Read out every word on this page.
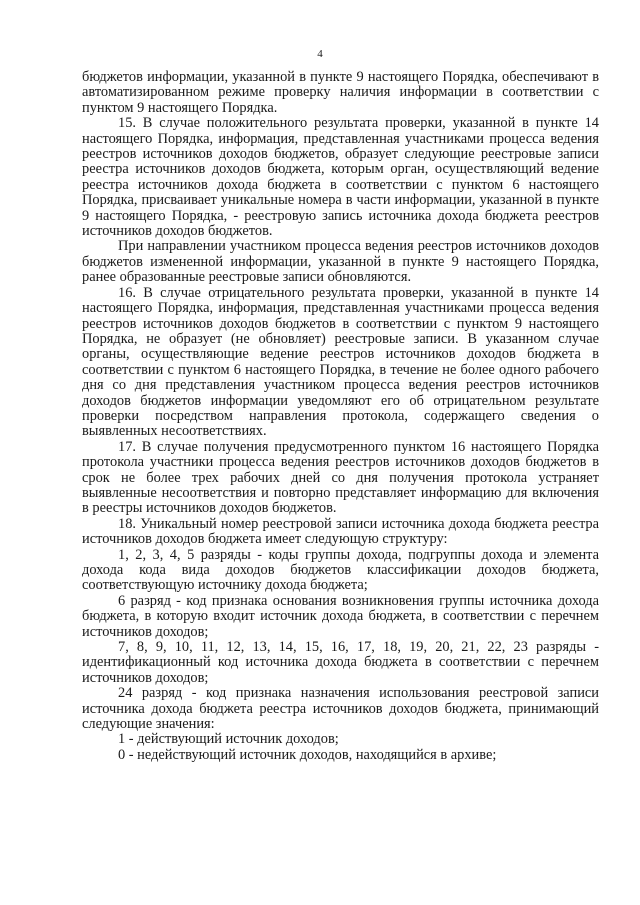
4

бюджетов информации, указанной в пункте 9 настоящего Порядка, обеспечивают в автоматизированном режиме проверку наличия информации в соответствии с пунктом 9 настоящего Порядка.

15. В случае положительного результата проверки, указанной в пункте 14 настоящего Порядка, информация, представленная участниками процесса ведения реестров источников доходов бюджетов, образует следующие реестровые записи реестра источников доходов бюджета, которым орган, осуществляющий ведение реестра источников дохода бюджета в соответствии с пунктом 6 настоящего Порядка, присваивает уникальные номера в части информации, указанной в пункте 9 настоящего Порядка, - реестровую запись источника дохода бюджета реестров источников доходов бюджетов.

При направлении участником процесса ведения реестров источников доходов бюджетов измененной информации, указанной в пункте 9 настоящего Порядка, ранее образованные реестровые записи обновляются.

16. В случае отрицательного результата проверки, указанной в пункте 14 настоящего Порядка, информация, представленная участниками процесса ведения реестров источников доходов бюджетов в соответствии с пунктом 9 настоящего Порядка, не образует (не обновляет) реестровые записи. В указанном случае органы, осуществляющие ведение реестров источников доходов бюджета в соответствии с пунктом 6 настоящего Порядка, в течение не более одного рабочего дня со дня представления участником процесса ведения реестров источников доходов бюджетов информации уведомляют его об отрицательном результате проверки посредством направления протокола, содержащего сведения о выявленных несоответствиях.

17. В случае получения предусмотренного пунктом 16 настоящего Порядка протокола участники процесса ведения реестров источников доходов бюджетов в срок не более трех рабочих дней со дня получения протокола устраняет выявленные несоответствия и повторно представляет информацию для включения в реестры источников доходов бюджетов.

18. Уникальный номер реестровой записи источника дохода бюджета реестра источников доходов бюджета имеет следующую структуру:

1, 2, 3, 4, 5 разряды - коды группы дохода, подгруппы дохода и элемента дохода кода вида доходов бюджетов классификации доходов бюджета, соответствующую источнику дохода бюджета;

6 разряд - код признака основания возникновения группы источника дохода бюджета, в которую входит источник дохода бюджета, в соответствии с перечнем источников доходов;

7, 8, 9, 10, 11, 12, 13, 14, 15, 16, 17, 18, 19, 20, 21, 22, 23 разряды - идентификационный код источника дохода бюджета в соответствии с перечнем источников доходов;

24 разряд - код признака назначения использования реестровой записи источника дохода бюджета реестра источников доходов бюджета, принимающий следующие значения:

1 - действующий источник доходов;

0 - недействующий источник доходов, находящийся в архиве;
